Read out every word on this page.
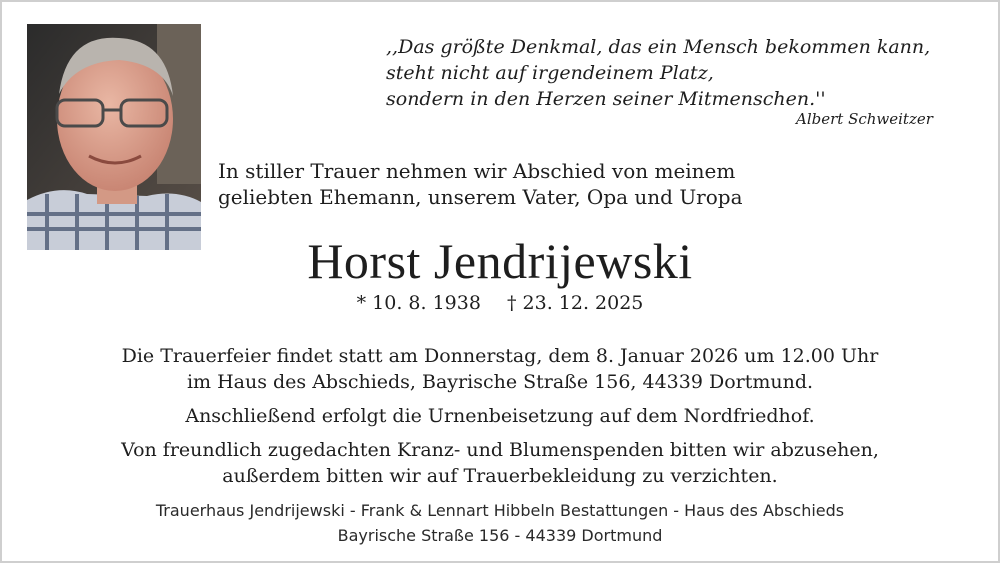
,,Das größte Denkmal, das ein Mensch bekommen kann,
steht nicht auf irgendeinem Platz,
sondern in den Herzen seiner Mitmenschen.''
Albert Schweitzer
In stiller Trauer nehmen wir Abschied von meinem
geliebten Ehemann, unserem Vater, Opa und Uropa
Horst Jendrijewski
* 10. 8. 1938 † 23. 12. 2025

Die Trauerfeier findet statt am Donnerstag, dem 8. Januar 2026 um 12.00 Uhr
im Haus des Abschieds, Bayrische Straße 156, 44339 Dortmund.

Anschließend erfolgt die Urnenbeisetzung auf dem Nordfriedhof.

Von freundlich zugedachten Kranz- und Blumenspenden bitten wir abzusehen,
außerdem bitten wir auf Trauerbekleidung zu verzichten.

Trauerhaus Jendrijewski - Frank & Lennart Hibbeln Bestattungen - Haus des Abschieds
Bayrische Straße 156 - 44339 Dortmund
